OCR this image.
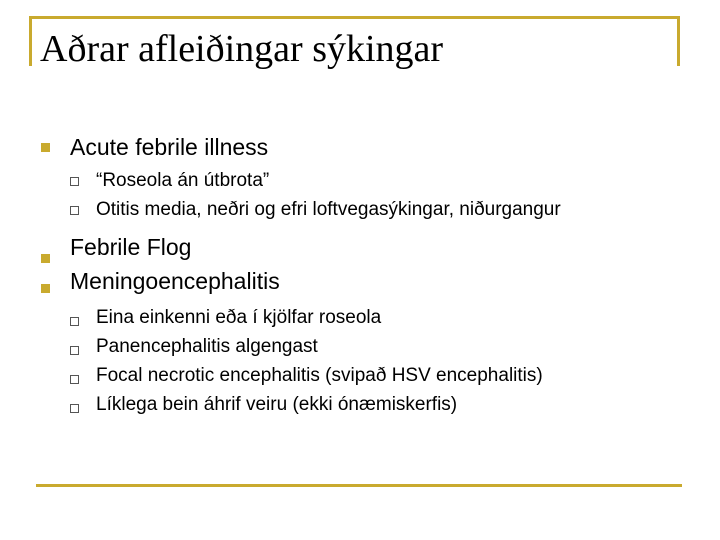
Aðrar afleiðingar sýkingar
Acute febrile illness
“Roseola án útbrota”
Otitis media, neðri og efri loftvegasýkingar, niðurgangur
Febrile Flog
Meningoencephalitis
Eina einkenni eða í kjölfar roseola
Panencephalitis algengast
Focal necrotic encephalitis (svipað HSV encephalitis)
Líklega bein áhrif veiru (ekki ónæmiskerfis)
